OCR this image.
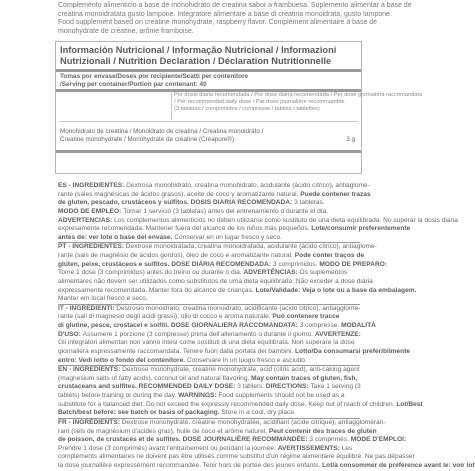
Complemento alimenticio a base de monohidrato de creatina sabor a frambuesa. Suplemento alimentar à base de
creatina monoidratata gusto lampone. Integratore alimentare a base di creatina monoidrata, gusto lampone.
Food supplement based on creatine monohydrate, raspberry flavor. Complément alimentaire à base de
monohydrate de créatine, arôme framboise.
Información Nutricional / Informação Nutricional / Informazioni
Nutrizionali / Nutrition Declaration / Déclaration Nutritionnelle
Tomas por envase/Doses por recipiente/Scatti per contenitore
/Serving per container/Portion par contenant: 40
Por dosis diaria recomendada / Por dose diária recomendada / Per dose giornaliera raccomandata
/ Per recommended daily dose / Par dose journalière recommandée
(3 tabletas / comprimidos / compresse / tablets / tablettes)
Monohidrato de creatina / Monoidrato de creatina / Creatina monoidrato /
Creatine monohydrate / Monohydrate de créatine (Creapure®)	3 g
ES - INGREDIENTES: Dextrosa monohidrato, creatina monohidrato, acidulante (ácido cítrico), antiaglome-
rante (sales magnésicas de ácidos grasos), aceite de coco y aromatizante natural. Puede contener trazas
de gluten, pescado, crustáceos y sulfitos. DOSIS DIARIA RECOMENDADA: 3 tabletas.
MODO DE EMPLEO: Tomar 1 servicio (3 tabletas) antes del entrenamiento o durante el día.
ADVERTENCIAS: Los complementos alimenticios no deben utilizarse como sustituto de una dieta equilibrada. No superar la dosis diaria
expresamente recomendada. Mantener fuera del alcance de los niños más pequeños. Lote/consumir preferentemente
antes de: ver lote o base del envase. Conservar en un lugar fresco y seco.
PT - INGREDIENTES: Dextrose monoidratada, creatina monoidratada, acidulante (ácido cítrico), antiaglome-
rante (sais de magnésio de ácidos gordos), óleo de coco e aromatizante natural. Pode conter traços de
glúten, peixe, crustáceos e sulfitos. DOSE DIÁRIA RECOMENDADA: 3 comprimidos. MODO DE PREPARO:
Tome 1 dose (3 comprimidos) antes do treino ou durante o dia. ADVERTÊNCIAS: Os suplementos
alimentares não devem ser utilizados como substitutos de uma dieta equilibrada. Não exceder a dose diária
expressamente recomendada. Manter fora do alcance de crianças. Lote/Validade: Veja o lote ou a base da embalagem.
Manter em local fresco e seco.
IT - INGREDIENTI: Destrosio monoidrato, creatina monoidrato, acidificante (acido citrico), antiagglome-
rante (sali di magnesio degli acidi grassi), olio di cocco e aroma naturale. Può contenere tracce
di glutine, pesce, crostacei e solfiti. DOSE GIORNALIERA RACCOMANDATA: 3 compresse. MODALITÀ
D'USO: Assumere 1 porzione (3 compresse) prima dell'allenamento o durante il giorno. AVVERTENZE:
Gli integratori alimentari non vanno intesi come sostituti di una dieta equilibrata. Non superare la dose
giornaliera espressamente raccomandata. Tenere fuori dalla portata dei bambini. Lotto/Da consumarsi preferibilmente
entro: Vedi lotto o fondo del contenitore. Conservare in un luogo fresco e asciutto.
EN - INGREDIENTS: Dextrose monohydrate, creatine monohydrate, acid (citric acid), anti-caking agent
(magnesium salts of fatty acids), coconut oil and natural flavoring. May contain traces of gluten, fish,
crustaceans and sulfites. RECOMMENDED DAILY DOSE: 3 tablets. DIRECTIONS: Take 1 serving (3
tablets) before training or during the day. WARNINGS: Food supplements should not be used as a
substitute for a balanced diet. Do not exceed the expressly recommended daily dose. Keep out of reach of children. Lot/Best
Batch/best before: see batch or basis of packaging. Store in a cool, dry place.
FR - INGRÉDIENTS: Dextrose monohydraté, créatine monohydratée, acidifiant (acide citrique), antiaggloméran-
rant (sels de magnésium d'acides gras), huile de coco et arôme naturel. Peut contenir des traces de gluten
de poisson, de crustacés et de sulfites. DOSE JOURNALIÈRE RECOMMANDÉE: 3 comprimés. MODE D'EMPLOI:
Prendre 1 dose (3 comprimés) avant l'entraînement ou pendant la journée. AVERTISSEMENTS: Les
compléments alimentaires ne doivent pas être utilisés comme substitut d'un régime alimentaire équilibré. Ne pas dépasser
la dose journalière expressément recommandée. Tenir hors de portée des jeunes enfants. Lot/à consommer de préférence avant le: voir lot
